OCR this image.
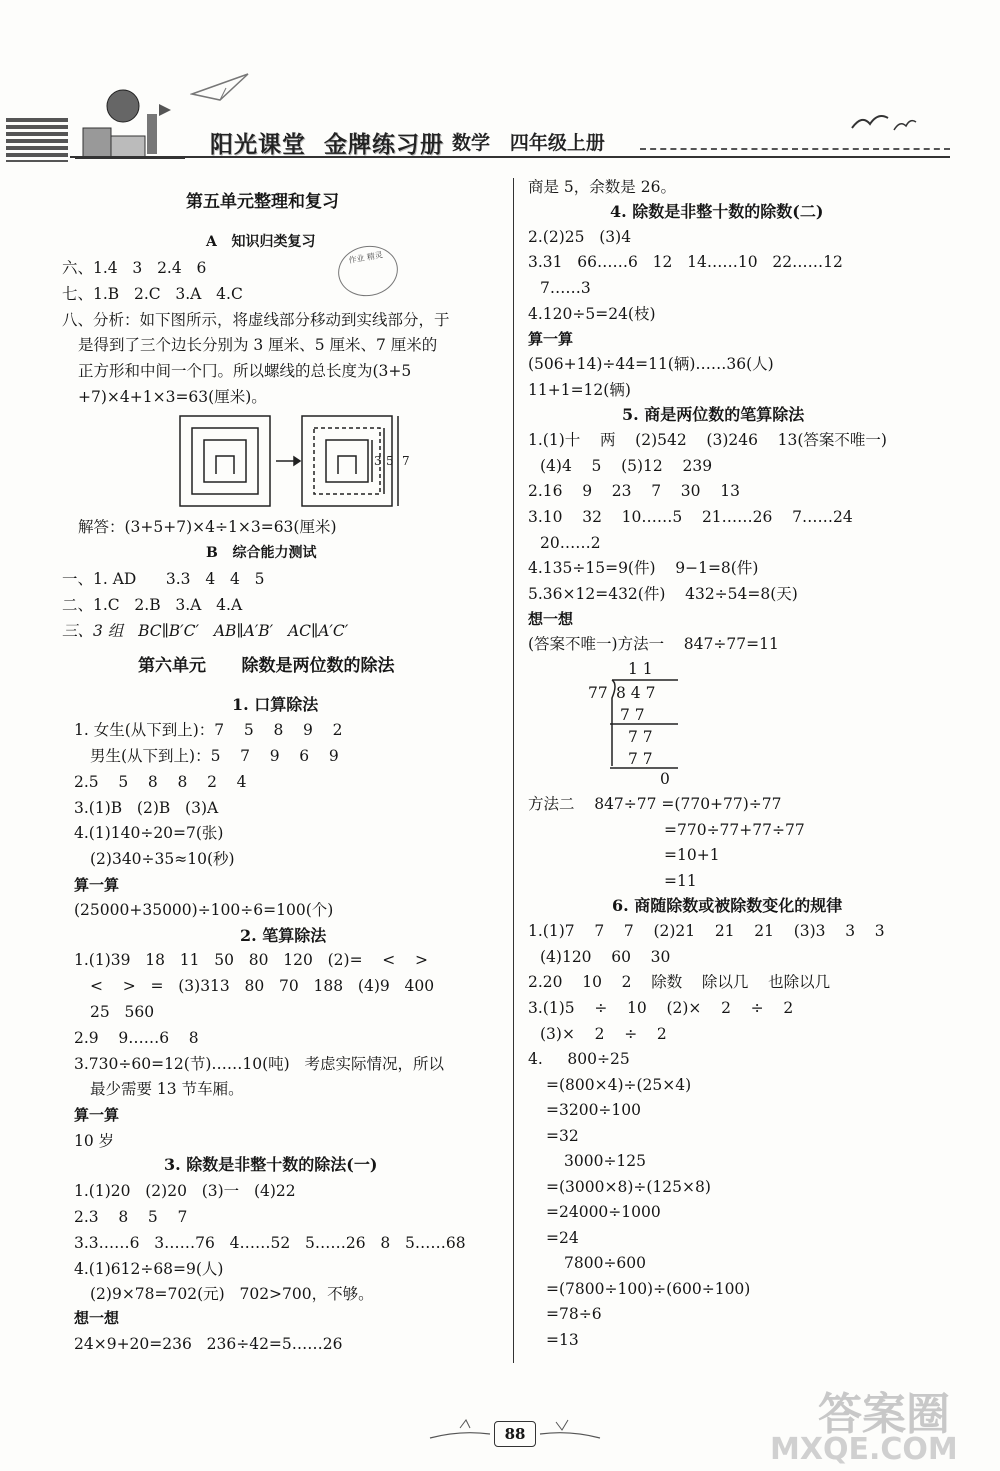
阳光课堂  金牌练习册 数学   四年级上册
第五单元整理和复习
A   知识归类复习
作业 精灵
六、1.4   3   2.4   6
七、1.B   2.C   3.A   4.C
八、分析：如下图所示，将虚线部分移动到实线部分，于
是得到了三个边长分别为 3 厘米、5 厘米、7 厘米的
正方形和中间一个冂。所以螺线的总长度为(3+5
+7)×4+1×3=63(厘米)。
3 5 7
解答：(3+5+7)×4÷1×3=63(厘米)
B   综合能力测试
一、1. AD      3.3   4   4   5
二、1.C   2.B   3.A   4.A
三、3 组   BC∥B′C′   AB∥A′B′   AC∥A′C′
第六单元      除数是两位数的除法
1. 口算除法
1. 女生(从下到上)：7    5    8    9    2
男生(从下到上)：5    7    9    6    9
2.5    5    8    8    2    4
3.(1)B   (2)B   (3)A
4.(1)140÷20=7(张)
(2)340÷35≈10(秒)
算一算
(25000+35000)÷100÷6=100(个)
2. 笔算除法
1.(1)39   18   11   50   80   120   (2)=    <    >
<    >   =   (3)313   80   70   188   (4)9   400
25   560
2.9    9……6    8
3.730÷60=12(节)……10(吨)   考虑实际情况，所以
最少需要 13 节车厢。
算一算
10 岁
3. 除数是非整十数的除法(一)
1.(1)20   (2)20   (3)一   (4)22
2.3    8    5    7
3.3……6   3……76   4……52   5……26   8   5……68
4.(1)612÷68=9(人)
(2)9×78=702(元)   702>700，不够。
想一想
24×9+20=236   236÷42=5……26
商是 5，余数是 26。
4. 除数是非整十数的除数(二)
2.(2)25   (3)4
3.31   66……6   12   14……10   22……12
7……3
4.120÷5=24(枝)
算一算
(506+14)÷44=11(辆)……36(人)
11+1=12(辆)
5. 商是两位数的笔算除法
1.(1)十    两    (2)542    (3)246    13(答案不唯一)
(4)4    5    (5)12    239
2.16    9    23    7    30    13
3.10    32    10……5    21……26    7……24
20……2
4.135÷15=9(件)    9−1=8(件)
5.36×12=432(件)    432÷54=8(天)
想一想
(答案不唯一)方法一    847÷77=11
1 1
77 8 4 7
7 7
7 7
7 7
0
方法二    847÷77 =(770+77)÷77
=770÷77+77÷77
=10+1
=11
6. 商随除数或被除数变化的规律
1.(1)7    7    7    (2)21    21    21    (3)3    3    3
(4)120    60    30
2.20    10    2    除数    除以几    也除以几
3.(1)5    ÷    10    (2)×    2    ÷    2
(3)×    2    ÷    2
4.     800÷25
=(800×4)÷(25×4)
=3200÷100
=32
3000÷125
=(3000×8)÷(125×8)
=24000÷1000
=24
7800÷600
=(7800÷100)÷(600÷100)
=78÷6
=13
88	答案圈
MXQE.COM
